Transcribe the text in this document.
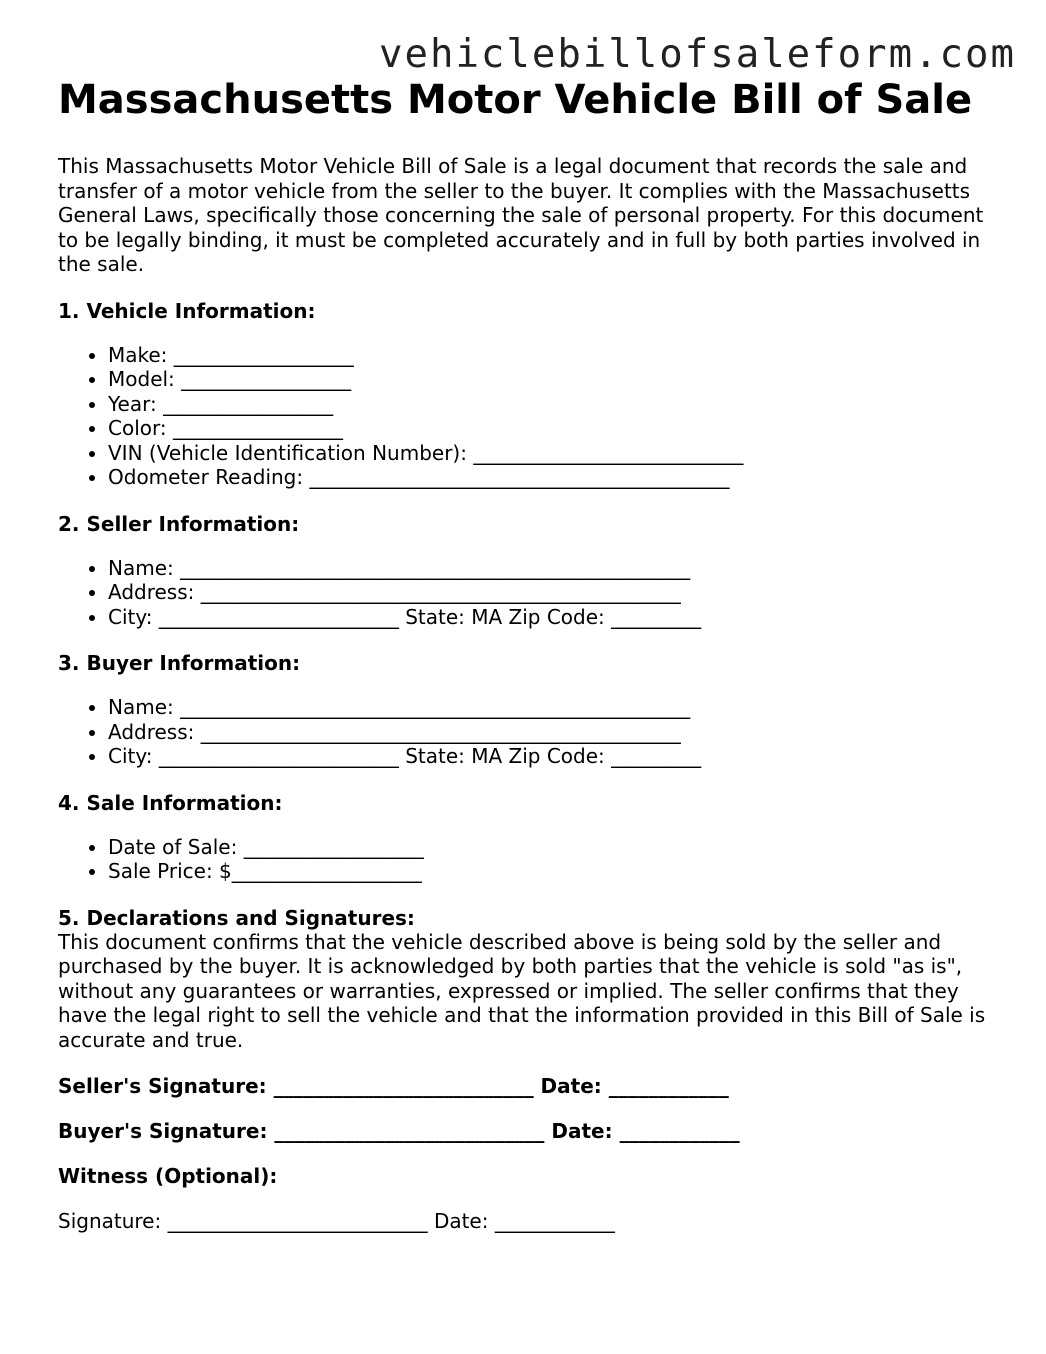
vehiclebillofsaleform.com
Massachusetts Motor Vehicle Bill of Sale

This Massachusetts Motor Vehicle Bill of Sale is a legal document that records the sale and transfer of a motor vehicle from the seller to the buyer. It complies with the Massachusetts General Laws, specifically those concerning the sale of personal property. For this document to be legally binding, it must be completed accurately and in full by both parties involved in the sale.

1. Vehicle Information:
• Make: __________________
• Model: _________________
• Year: _________________
• Color: _________________
• VIN (Vehicle Identification Number): ___________________________
• Odometer Reading: __________________________________________
2. Seller Information:
• Name: ___________________________________________________
• Address: ________________________________________________
• City: ________________________ State: MA Zip Code: _________
3. Buyer Information:
• Name: ___________________________________________________
• Address: ________________________________________________
• City: ________________________ State: MA Zip Code: _________
4. Sale Information:
• Date of Sale: __________________
• Sale Price: $___________________
5. Declarations and Signatures:

This document confirms that the vehicle described above is being sold by the seller and purchased by the buyer. It is acknowledged by both parties that the vehicle is sold "as is", without any guarantees or warranties, expressed or implied. The seller confirms that they have the legal right to sell the vehicle and that the information provided in this Bill of Sale is accurate and true.

Seller's Signature: __________________________ Date: ____________

Buyer's Signature: ___________________________ Date: ____________

Witness (Optional):

Signature: __________________________ Date: ____________
